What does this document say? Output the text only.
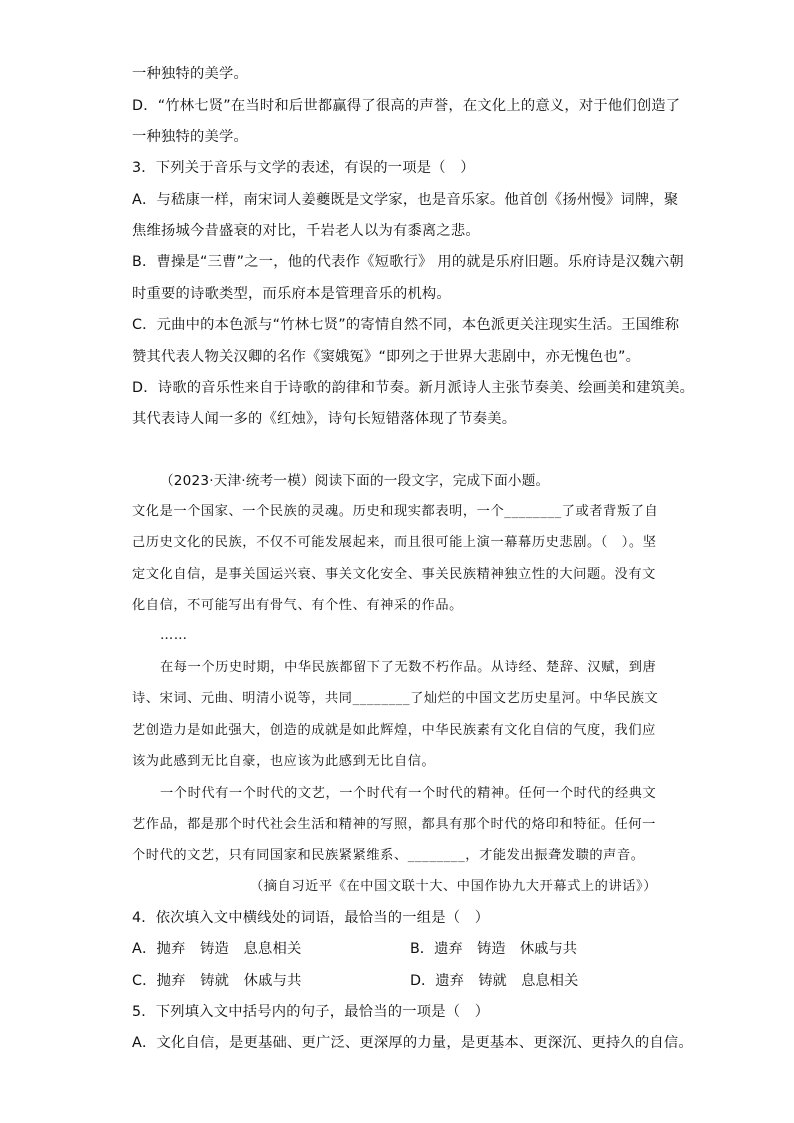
一种独特的美学。
D．“竹林七贤”在当时和后世都赢得了很高的声誉，在文化上的意义，对于他们创造了
一种独特的美学。
3．下列关于音乐与文学的表述，有误的一项是（　）
A．与嵇康一样，南宋词人姜夔既是文学家，也是音乐家。他首创《扬州慢》词牌，聚
焦维扬城今昔盛衰的对比，千岩老人以为有黍离之悲。
B．曹操是“三曹”之一，他的代表作《短歌行》 用的就是乐府旧题。乐府诗是汉魏六朝
时重要的诗歌类型，而乐府本是管理音乐的机构。
C．元曲中的本色派与“竹林七贤”的寄情自然不同，本色派更关注现实生活。王国维称
赞其代表人物关汉卿的名作《窦娥冤》“即列之于世界大悲剧中，亦无愧色也”。
D．诗歌的音乐性来自于诗歌的韵律和节奏。新月派诗人主张节奏美、绘画美和建筑美。
其代表诗人闻一多的《红烛》，诗句长短错落体现了节奏美。
（2023·天津·统考一模）阅读下面的一段文字，完成下面小题。
文化是一个国家、一个民族的灵魂。历史和现实都表明，一个________了或者背叛了自
己历史文化的民族，不仅不可能发展起来，而且很可能上演一幕幕历史悲剧。（　）。坚
定文化自信，是事关国运兴衰、事关文化安全、事关民族精神独立性的大问题。没有文
化自信，不可能写出有骨气、有个性、有神采的作品。
……
在每一个历史时期，中华民族都留下了无数不朽作品。从诗经、楚辞、汉赋，到唐
诗、宋词、元曲、明清小说等，共同________了灿烂的中国文艺历史星河。中华民族文
艺创造力是如此强大，创造的成就是如此辉煌，中华民族素有文化自信的气度，我们应
该为此感到无比自豪，也应该为此感到无比自信。
一个时代有一个时代的文艺，一个时代有一个时代的精神。任何一个时代的经典文
艺作品，都是那个时代社会生活和精神的写照，都具有那个时代的烙印和特征。任何一
个时代的文艺，只有同国家和民族紧紧维系、________，才能发出振聋发聩的声音。
（摘自习近平《在中国文联十大、中国作协九大开幕式上的讲话》）
4．依次填入文中横线处的词语，最恰当的一组是（　）
A．抛弃　铸造　息息相关	B．遗弃　铸造　休戚与共
C．抛弃　铸就　休戚与共	D．遗弃　铸就　息息相关
5．下列填入文中括号内的句子，最恰当的一项是（　）
A．文化自信，是更基础、更广泛、更深厚的力量，是更基本、更深沉、更持久的自信。
